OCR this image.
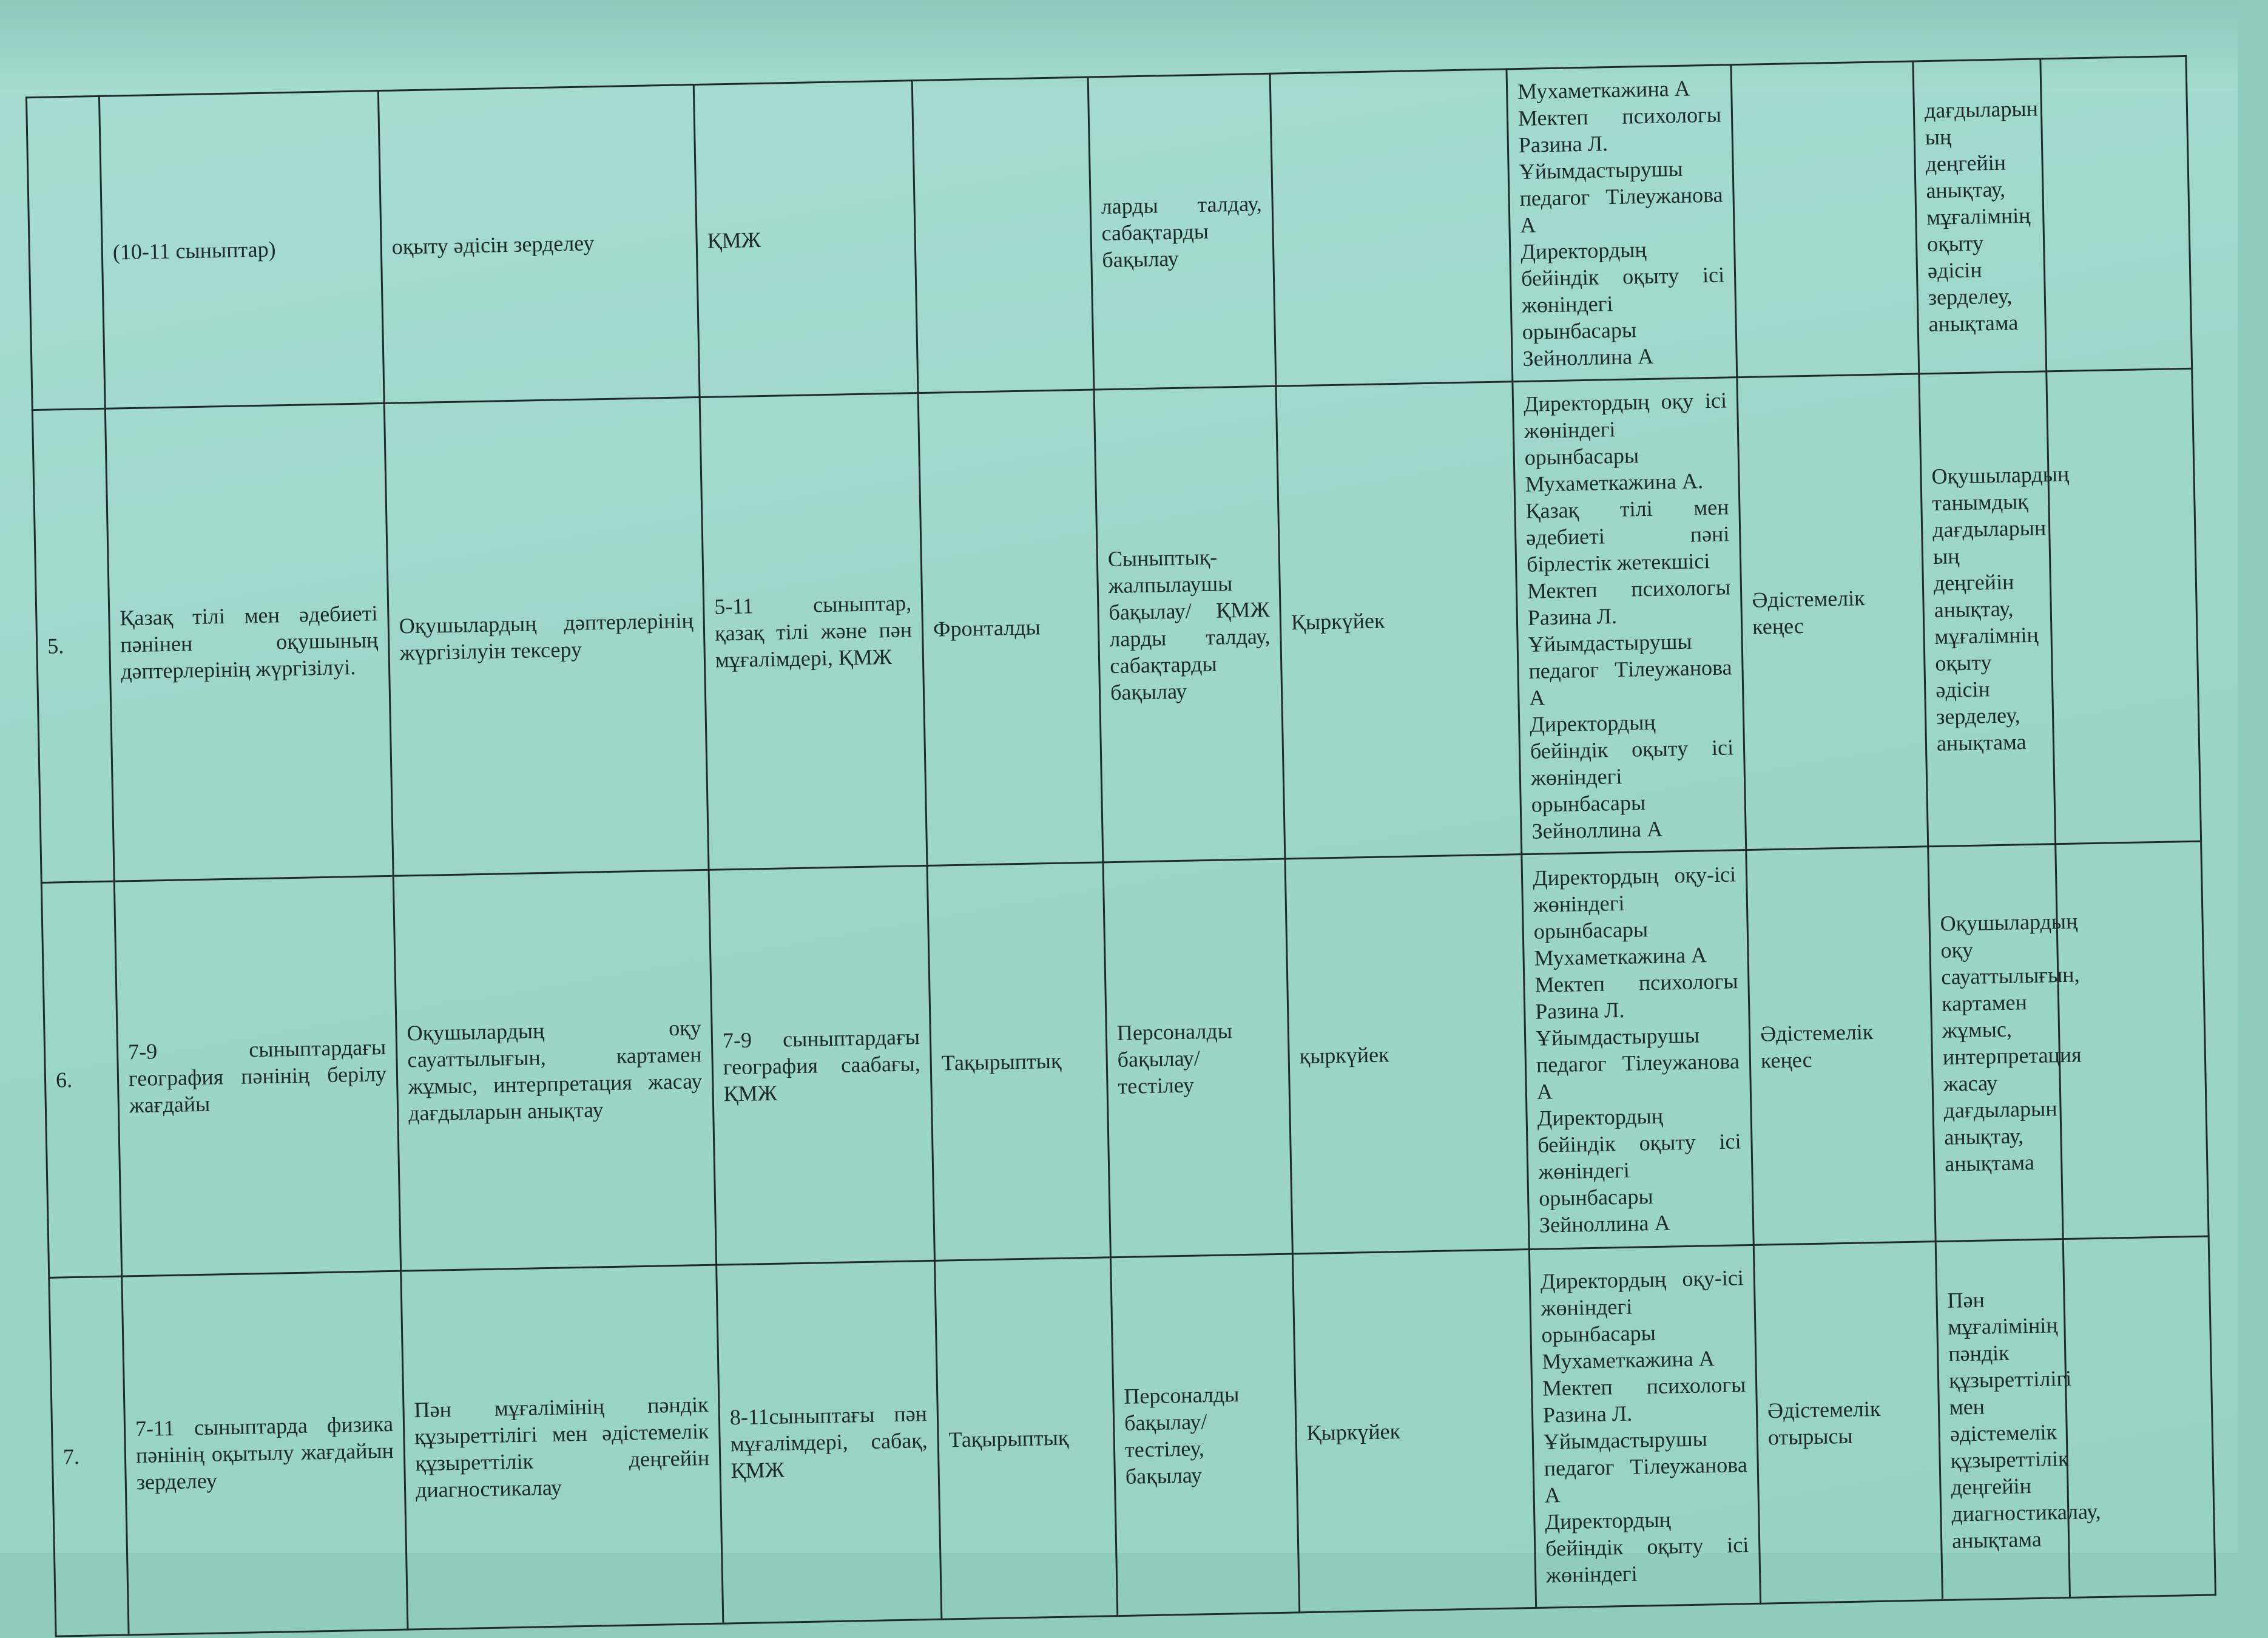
	(10-11 сыныптар)	оқыту әдісін зерделеу	ҚМЖ		ларды талдау, сабақтарды бақылау		Мухаметкажина А
Мектеп психологы Разина Л.
Ұйымдастырушы педагог Тілеужанова А
Директордың бейіндік оқыту ісі жөніндегі орынбасары Зейноллина А		дағдыларын ың деңгейін анықтау, мұғалімнің оқыту әдісін зерделеу, анықтама	
5.	Қазақ тілі мен әдебиеті пәнінен оқушының дәптерлерінің жүргізілуі.	Оқушылардың дәптерлерінің жүргізілуін тексеру	5-11 сыныптар, қазақ тілі және пән мұғалімдері, ҚМЖ	Фронталды	Сыныптық-жалпылаушы бақылау/ ҚМЖ ларды талдау, сабақтарды бақылау	Қыркүйек	Директордың оқу ісі жөніндегі орынбасары Мухаметкажина А.
Қазақ тілі мен әдебиеті пәні бірлестік жетекшісі
Мектеп психологы Разина Л.
Ұйымдастырушы педагог Тілеужанова А
Директордың бейіндік оқыту ісі жөніндегі орынбасары Зейноллина А	Әдістемелік кеңес	Оқушылардың танымдық дағдыларын ың деңгейін анықтау, мұғалімнің оқыту әдісін зерделеу, анықтама	
6.	7-9 сыныптардағы география пәнінің берілу жағдайы	Оқушылардың оқу сауаттылығын, картамен жұмыс, интерпретация жасау дағдыларын анықтау	7-9 сыныптардағы география саабағы, ҚМЖ	Тақырыптық	Персоналды бақылау/ тестілеу	қыркүйек	Директордың оқу-ісі жөніндегі орынбасары Мухаметкажина А
Мектеп психологы Разина Л.
Ұйымдастырушы педагог Тілеужанова А
Директордың бейіндік оқыту ісі жөніндегі орынбасары Зейноллина А	Әдістемелік кеңес	Оқушылардың оқу сауаттылығын, картамен жұмыс, интерпретация жасау дағдыларын анықтау, анықтама	
7.	7-11 сыныптарда физика пәнінің оқытылу жағдайын зерделеу	Пән мұғалімінің пәндік құзыреттілігі мен әдістемелік құзыреттілік деңгейін диагностикалау	8-11сыныптағы пән мұғалімдері, сабақ, ҚМЖ	Тақырыптық	Персоналды бақылау/ тестілеу, бақылау	Қыркүйек	Директордың оқу-ісі жөніндегі орынбасары Мухаметкажина А
Мектеп психологы Разина Л.
Ұйымдастырушы педагог Тілеужанова А
Директордың бейіндік оқыту ісі жөніндегі	Әдістемелік отырысы	Пән мұғалімінің пәндік құзыреттілігі мен әдістемелік құзыреттілік деңгейін диагностикалау, анықтама	
